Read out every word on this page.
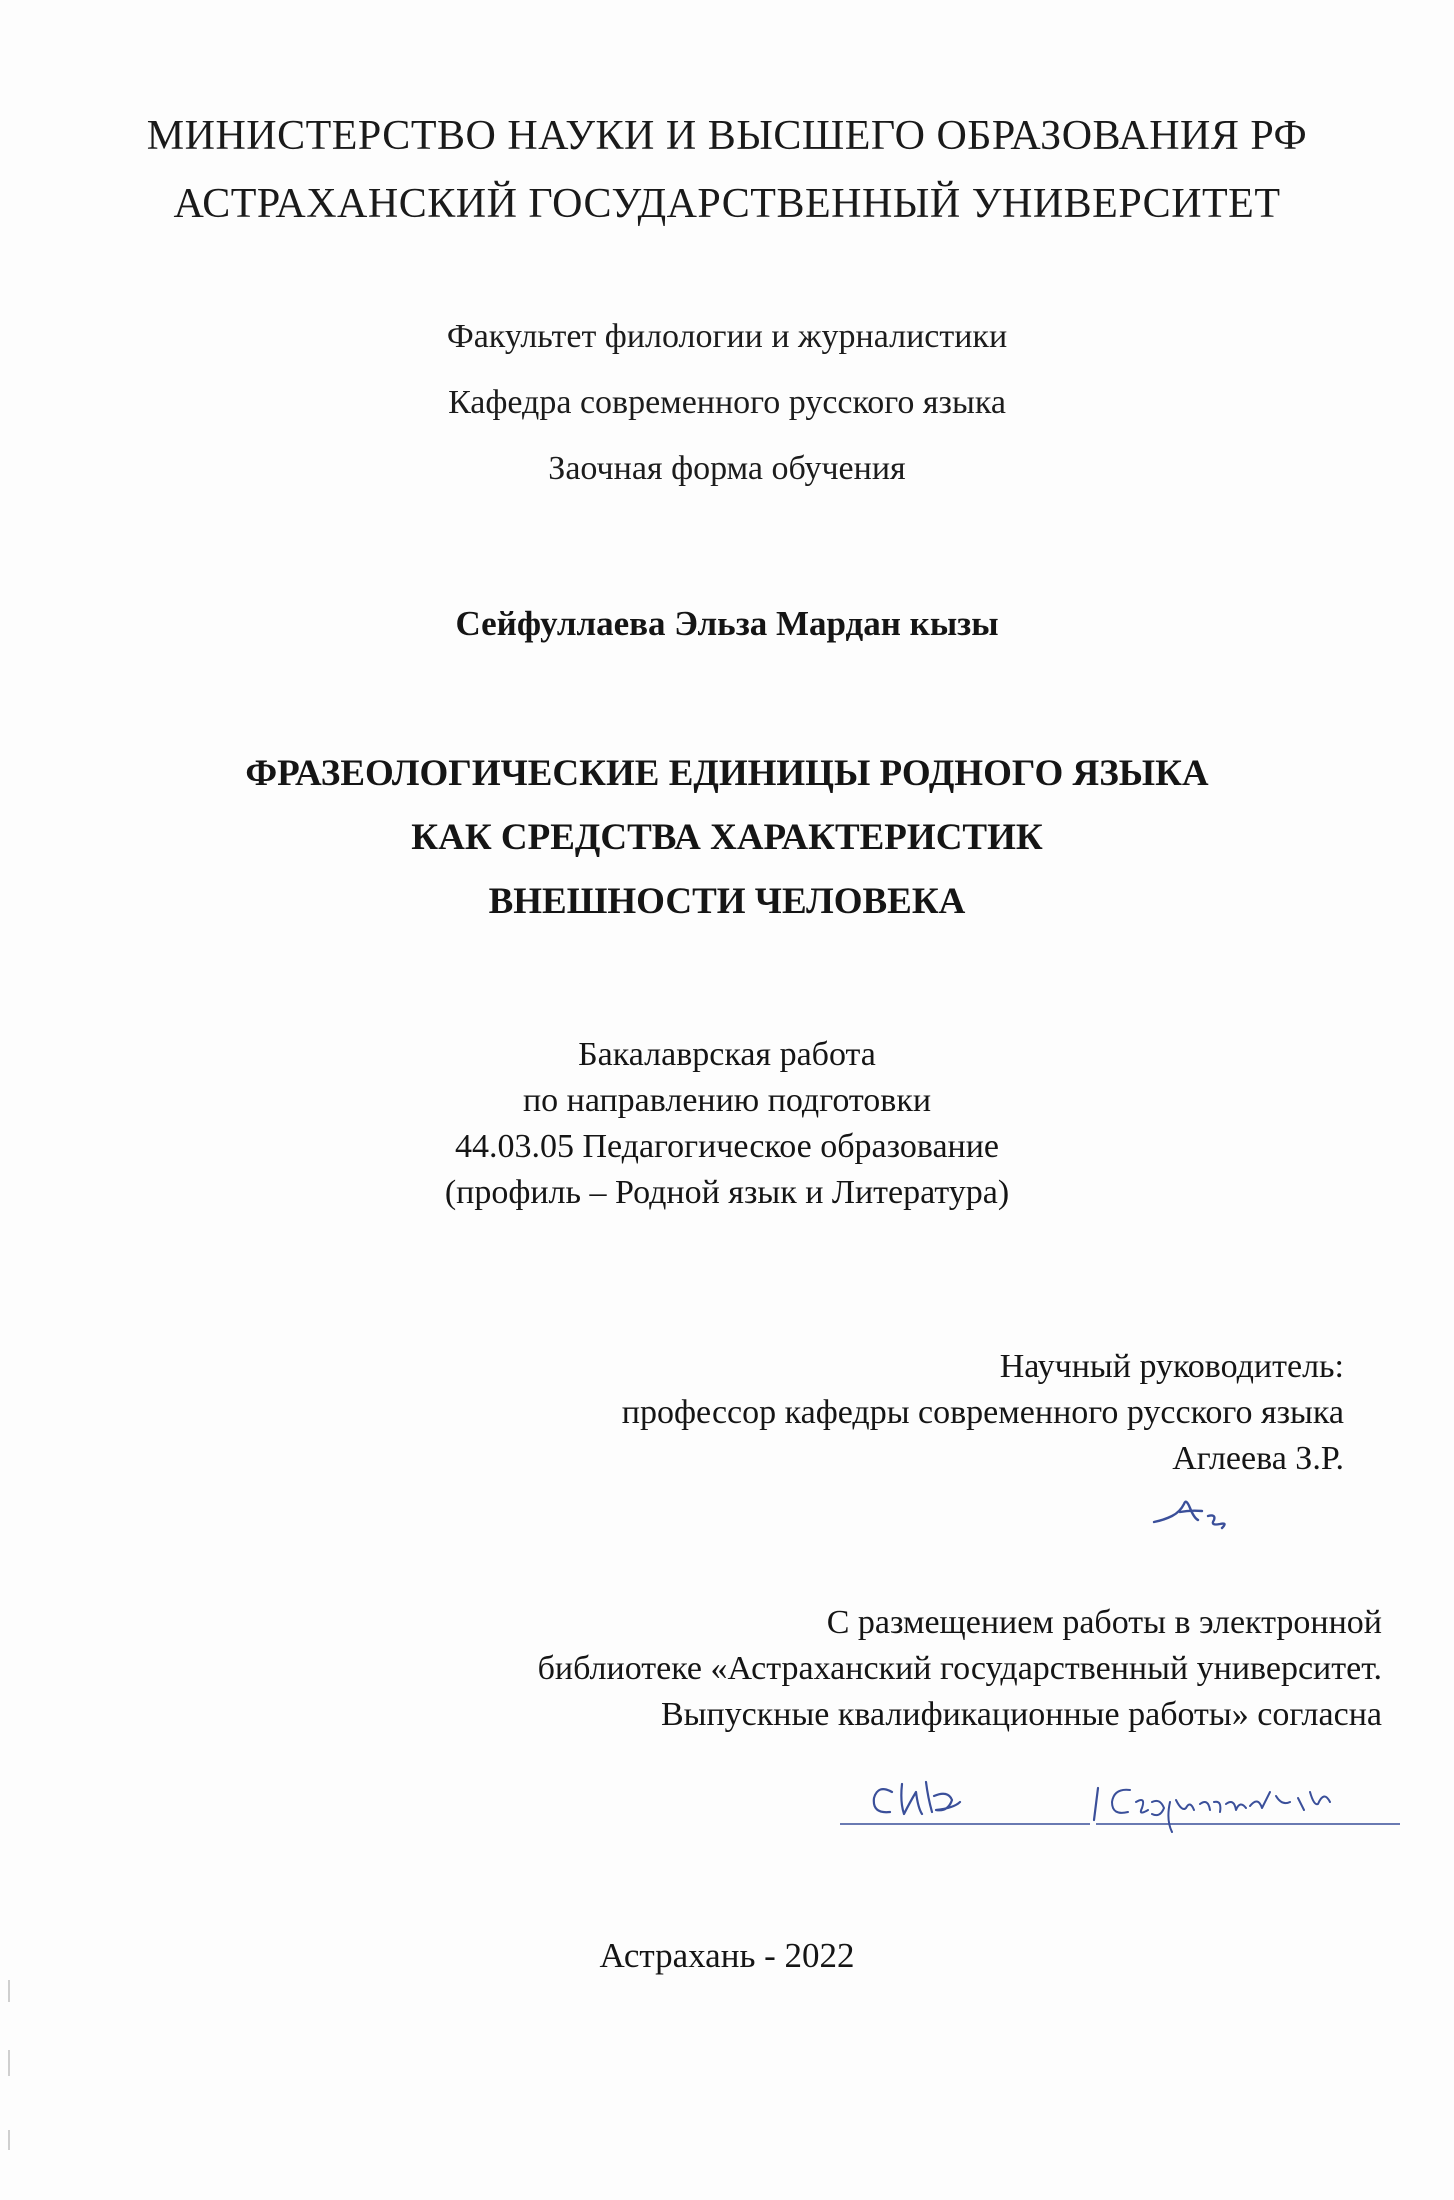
МИНИСТЕРСТВО НАУКИ И ВЫСШЕГО ОБРАЗОВАНИЯ РФ
АСТРАХАНСКИЙ ГОСУДАРСТВЕННЫЙ УНИВЕРСИТЕТ
Факультет филологии и журналистики
Кафедра современного русского языка
Заочная форма обучения
Сейфуллаева Эльза Мардан кызы
ФРАЗЕОЛОГИЧЕСКИЕ ЕДИНИЦЫ РОДНОГО ЯЗЫКА
КАК СРЕДСТВА ХАРАКТЕРИСТИК
ВНЕШНОСТИ ЧЕЛОВЕКА
Бакалаврская работа
по направлению подготовки
44.03.05 Педагогическое образование
(профиль – Родной язык и Литература)
Научный руководитель:
профессор кафедры современного русского языка
Аглеева З.Р.
С размещением работы в электронной
библиотеке «Астраханский государственный университет.
Выпускные квалификационные работы» согласна
Астрахань - 2022
